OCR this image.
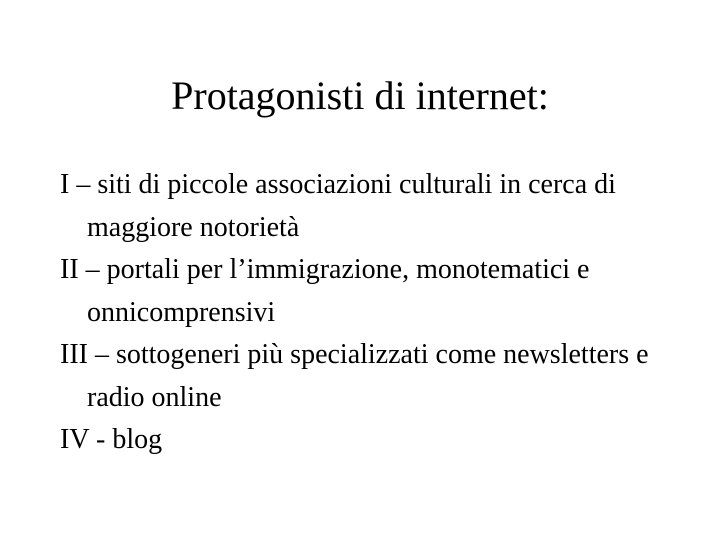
Protagonisti di internet:
I – siti di piccole associazioni culturali in cerca di maggiore notorietà
II – portali per l’immigrazione, monotematici e onnicomprensivi
III – sottogeneri più specializzati come newsletters e radio online
IV - blog
